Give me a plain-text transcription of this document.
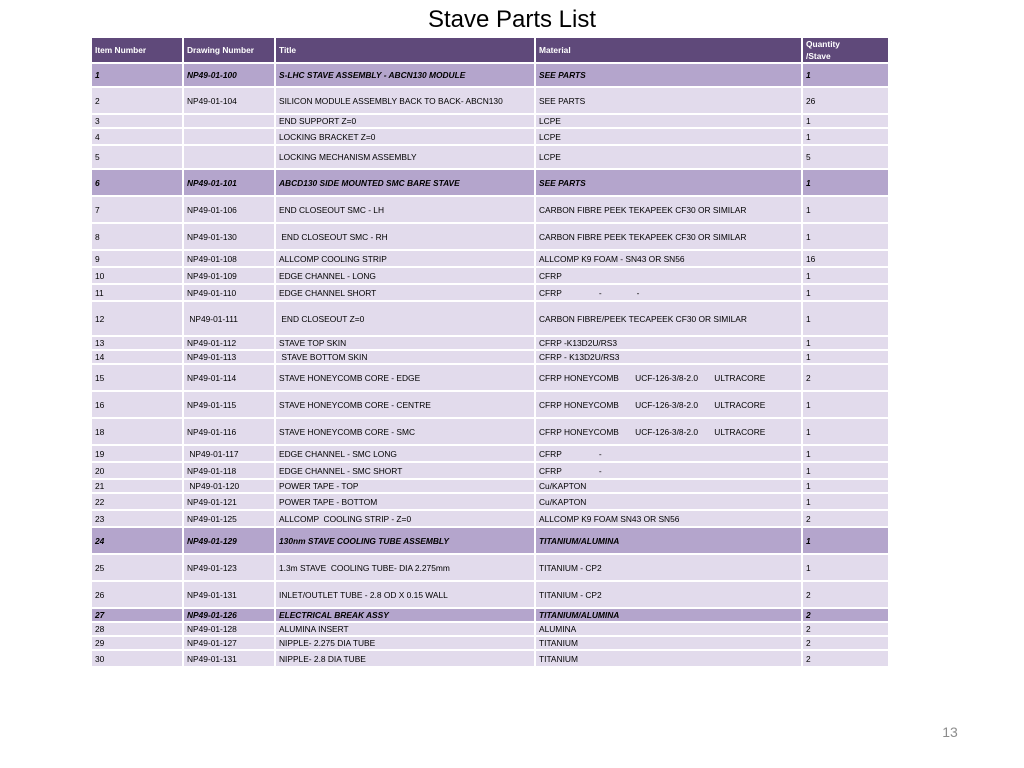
Stave Parts List
Item Number	Drawing Number	Title	Material	Quantity
/Stave
1	NP49-01-100	S-LHC STAVE ASSEMBLY - ABCN130 MODULE	SEE PARTS	1
2	NP49-01-104	SILICON MODULE ASSEMBLY BACK TO BACK- ABCN130	SEE PARTS	26
3		END SUPPORT Z=0	LCPE	1
4		LOCKING BRACKET Z=0	LCPE	1
5		LOCKING MECHANISM ASSEMBLY	LCPE	5
6	NP49-01-101	ABCD130 SIDE MOUNTED SMC BARE STAVE	SEE PARTS	1
7	NP49-01-106	END CLOSEOUT SMC - LH	CARBON FIBRE PEEK TEKAPEEK CF30 OR SIMILAR	1
8	NP49-01-130	END CLOSEOUT SMC - RH	CARBON FIBRE PEEK TEKAPEEK CF30 OR SIMILAR	1
9	NP49-01-108	ALLCOMP COOLING STRIP	ALLCOMP K9 FOAM - SN43 OR SN56	16
10	NP49-01-109	EDGE CHANNEL - LONG	CFRP	1
11	NP49-01-110	EDGE CHANNEL SHORT	CFRP                -               -	1
12	NP49-01-111	END CLOSEOUT Z=0	CARBON FIBRE/PEEK TECAPEEK CF30 OR SIMILAR	1
13	NP49-01-112	STAVE TOP SKIN	CFRP -K13D2U/RS3	1
14	NP49-01-113	STAVE BOTTOM SKIN	CFRP - K13D2U/RS3	1
15	NP49-01-114	STAVE HONEYCOMB CORE - EDGE	CFRP HONEYCOMB       UCF-126-3/8-2.0       ULTRACORE	2
16	NP49-01-115	STAVE HONEYCOMB CORE - CENTRE	CFRP HONEYCOMB       UCF-126-3/8-2.0       ULTRACORE	1
18	NP49-01-116	STAVE HONEYCOMB CORE - SMC	CFRP HONEYCOMB       UCF-126-3/8-2.0       ULTRACORE	1
19	NP49-01-117	EDGE CHANNEL - SMC LONG	CFRP                -	1
20	NP49-01-118	EDGE CHANNEL - SMC SHORT	CFRP                -	1
21	NP49-01-120	POWER TAPE - TOP	Cu/KAPTON	1
22	NP49-01-121	POWER TAPE - BOTTOM	Cu/KAPTON	1
23	NP49-01-125	ALLCOMP  COOLING STRIP - Z=0	ALLCOMP K9 FOAM SN43 OR SN56	2
24	NP49-01-129	130nm STAVE COOLING TUBE ASSEMBLY	TITANIUM/ALUMINA	1
25	NP49-01-123	1.3m STAVE  COOLING TUBE- DIA 2.275mm	TITANIUM - CP2	1
26	NP49-01-131	INLET/OUTLET TUBE - 2.8 OD X 0.15 WALL	TITANIUM - CP2	2
27	NP49-01-126	ELECTRICAL BREAK ASSY	TITANIUM/ALUMINA	2
28	NP49-01-128	ALUMINA INSERT	ALUMINA	2
29	NP49-01-127	NIPPLE- 2.275 DIA TUBE	TITANIUM	2
30	NP49-01-131	NIPPLE- 2.8 DIA TUBE	TITANIUM	2
13
